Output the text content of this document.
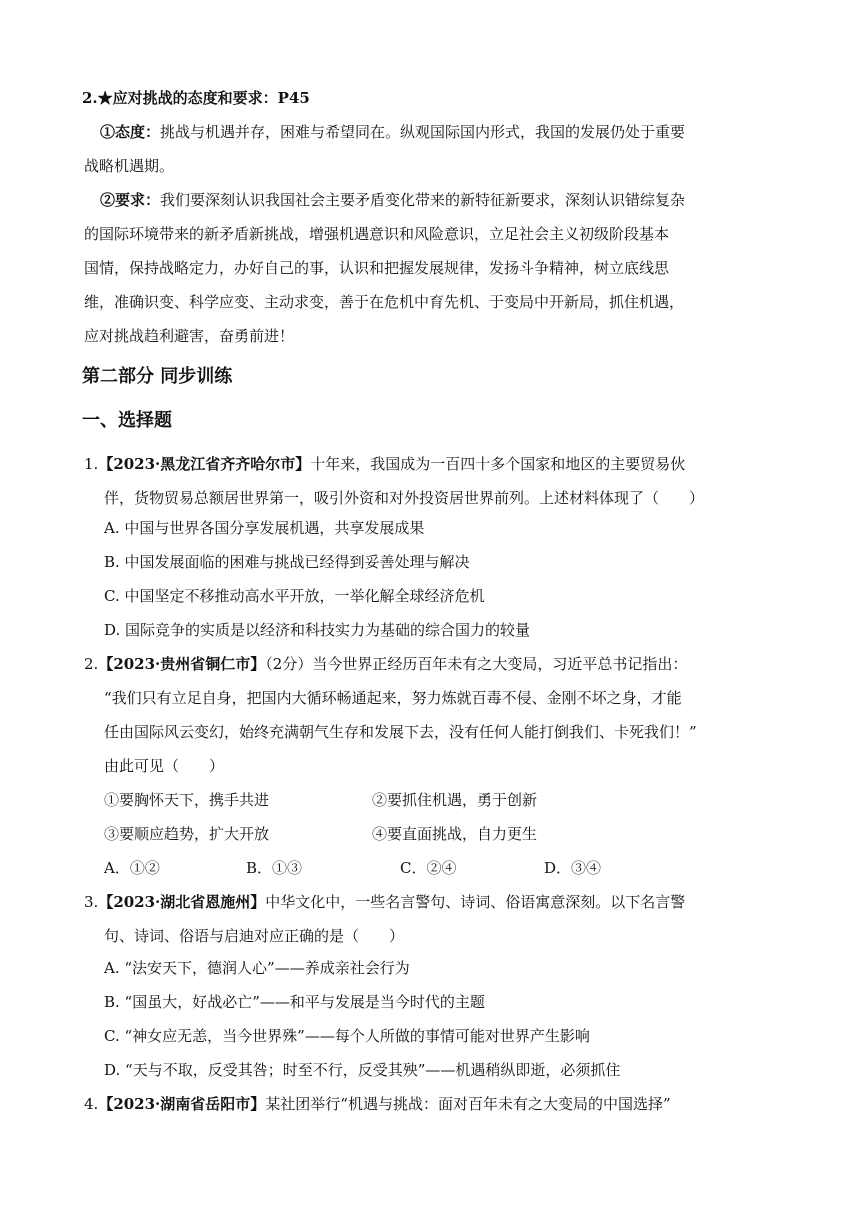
2.★应对挑战的态度和要求：P45
①态度：挑战与机遇并存，困难与希望同在。纵观国际国内形式，我国的发展仍处于重要
战略机遇期。
②要求：我们要深刻认识我国社会主要矛盾变化带来的新特征新要求，深刻认识错综复杂
的国际环境带来的新矛盾新挑战，增强机遇意识和风险意识，立足社会主义初级阶段基本
国情，保持战略定力，办好自己的事，认识和把握发展规律，发扬斗争精神，树立底线思
维，准确识变、科学应变、主动求变，善于在危机中育先机、于变局中开新局，抓住机遇，
应对挑战趋利避害，奋勇前进！
第二部分 同步训练
一、选择题
1.【2023·黑龙江省齐齐哈尔市】十年来，我国成为一百四十多个国家和地区的主要贸易伙
伴，货物贸易总额居世界第一，吸引外资和对外投资居世界前列。上述材料体现了（　　）
A. 中国与世界各国分享发展机遇，共享发展成果
B. 中国发展面临的困难与挑战已经得到妥善处理与解决
C. 中国坚定不移推动高水平开放，一举化解全球经济危机
D. 国际竞争的实质是以经济和科技实力为基础的综合国力的较量
2.【2023·贵州省铜仁市】（2分）当今世界正经历百年未有之大变局，习近平总书记指出：
“我们只有立足自身，把国内大循环畅通起来，努力炼就百毒不侵、金刚不坏之身，才能
任由国际风云变幻，始终充满朝气生存和发展下去，没有任何人能打倒我们、卡死我们！”
由此可见（　　）
①要胸怀天下，携手共进	②要抓住机遇，勇于创新
③要顺应趋势，扩大开放	④要直面挑战，自力更生
A．①②	B．①③	C．②④	D．③④
3.【2023·湖北省恩施州】中华文化中，一些名言警句、诗词、俗语寓意深刻。以下名言警
句、诗词、俗语与启迪对应正确的是（　　）
A. “法安天下，德润人心”——养成亲社会行为
B. “国虽大，好战必亡”——和平与发展是当今时代的主题
C. “神女应无恙，当今世界殊”——每个人所做的事情可能对世界产生影响
D. “天与不取，反受其咎；时至不行，反受其殃”——机遇稍纵即逝，必须抓住
4.【2023·湖南省岳阳市】某社团举行“机遇与挑战：面对百年未有之大变局的中国选择”
